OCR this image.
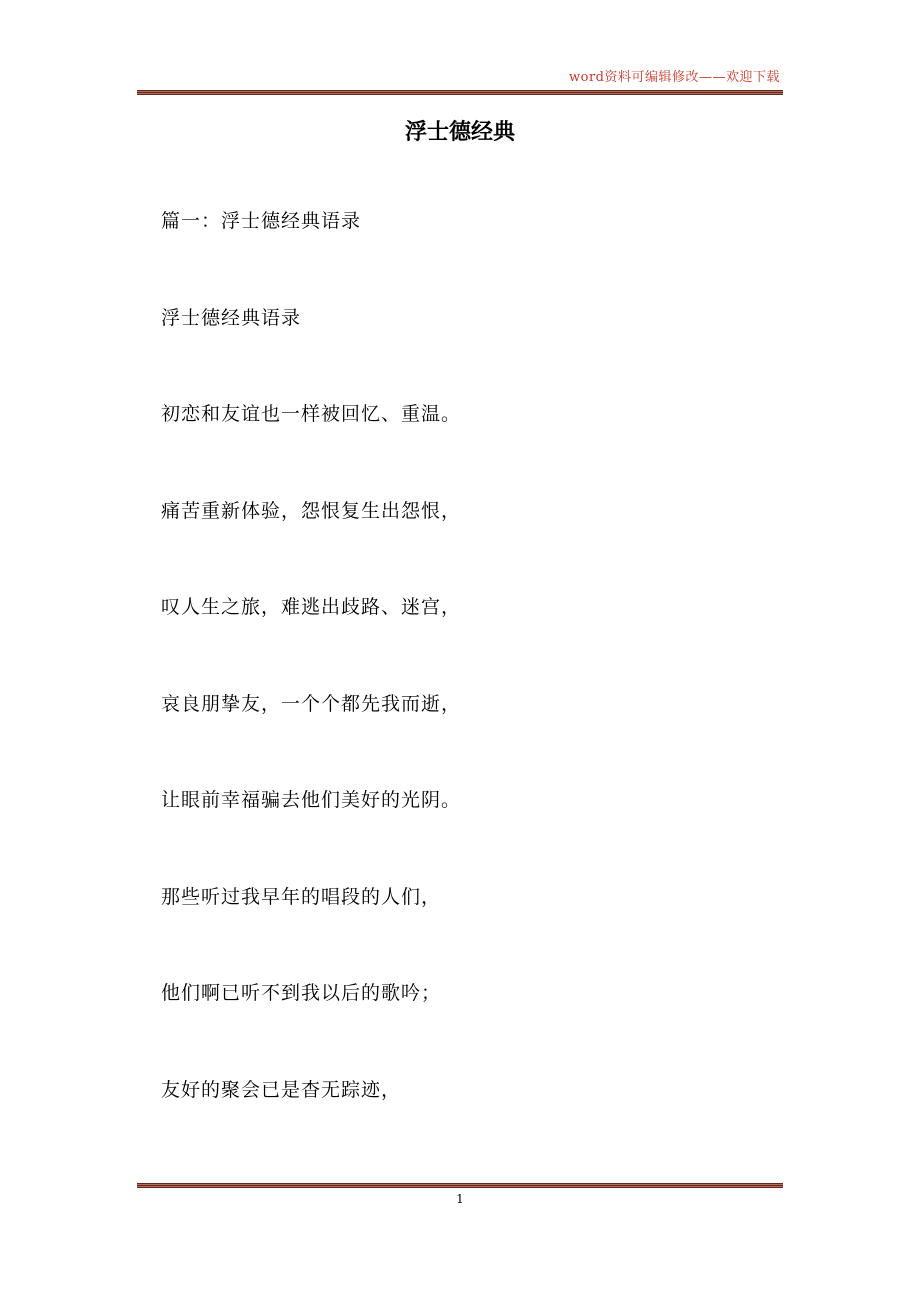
word资料可编辑修改——欢迎下载
浮士德经典

篇一：浮士德经典语录

浮士德经典语录

初恋和友谊也一样被回忆、重温。

痛苦重新体验，怨恨复生出怨恨，

叹人生之旅，难逃出歧路、迷宫，

哀良朋挚友，一个个都先我而逝，

让眼前幸福骗去他们美好的光阴。

那些听过我早年的唱段的人们，

他们啊已听不到我以后的歌吟；

友好的聚会已是杳无踪迹，

1
